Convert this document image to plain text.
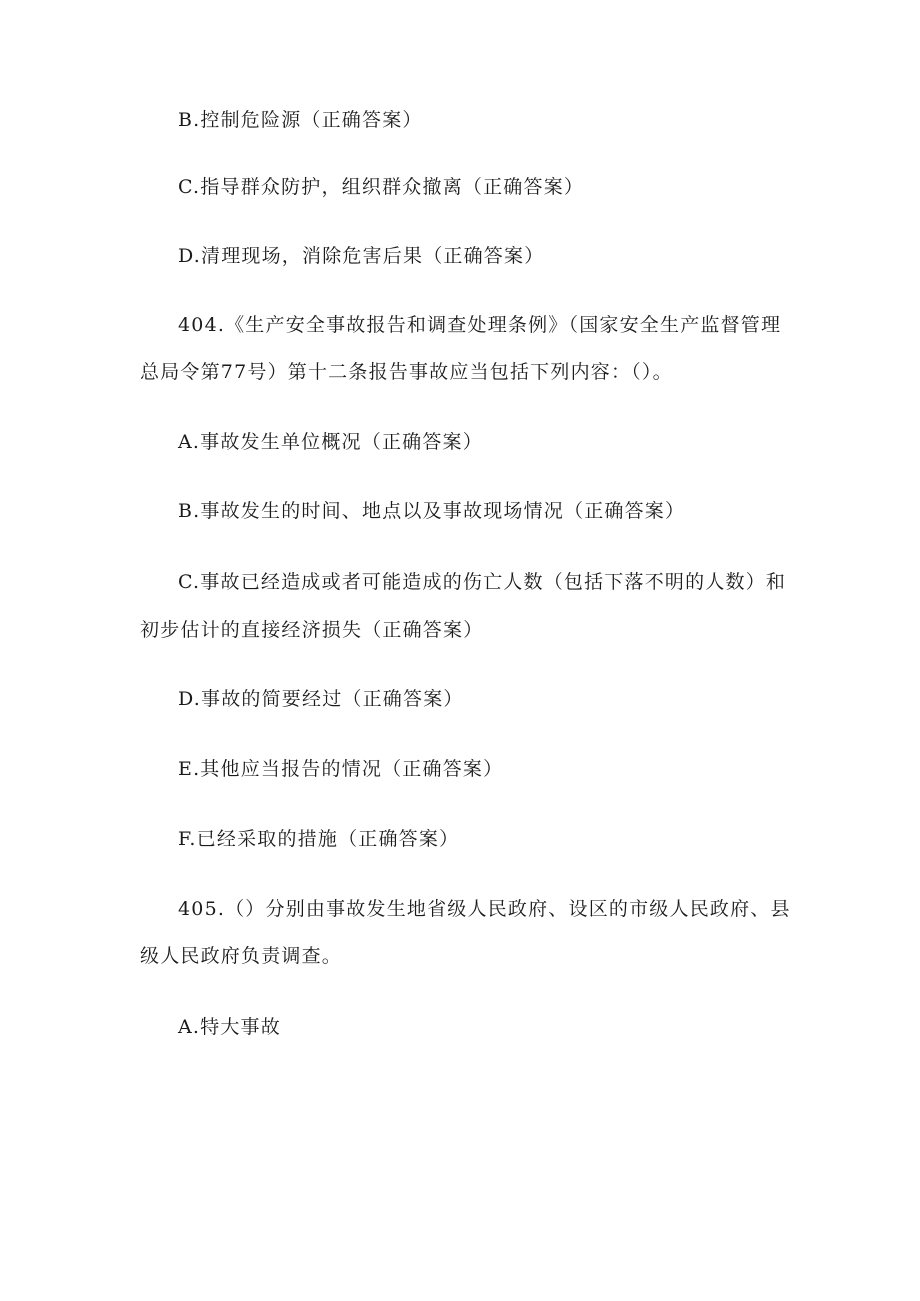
B.控制危险源（正确答案）
C.指导群众防护，组织群众撤离（正确答案）
D.清理现场，消除危害后果（正确答案）
404.《生产安全事故报告和调查处理条例》（国家安全生产监督管理
总局令第77号）第十二条报告事故应当包括下列内容：（）。
A.事故发生单位概况（正确答案）
B.事故发生的时间、地点以及事故现场情况（正确答案）
C.事故已经造成或者可能造成的伤亡人数（包括下落不明的人数）和
初步估计的直接经济损失（正确答案）
D.事故的简要经过（正确答案）
E.其他应当报告的情况（正确答案）
F.已经采取的措施（正确答案）
405.（）分别由事故发生地省级人民政府、设区的市级人民政府、县
级人民政府负责调查。
A.特大事故
